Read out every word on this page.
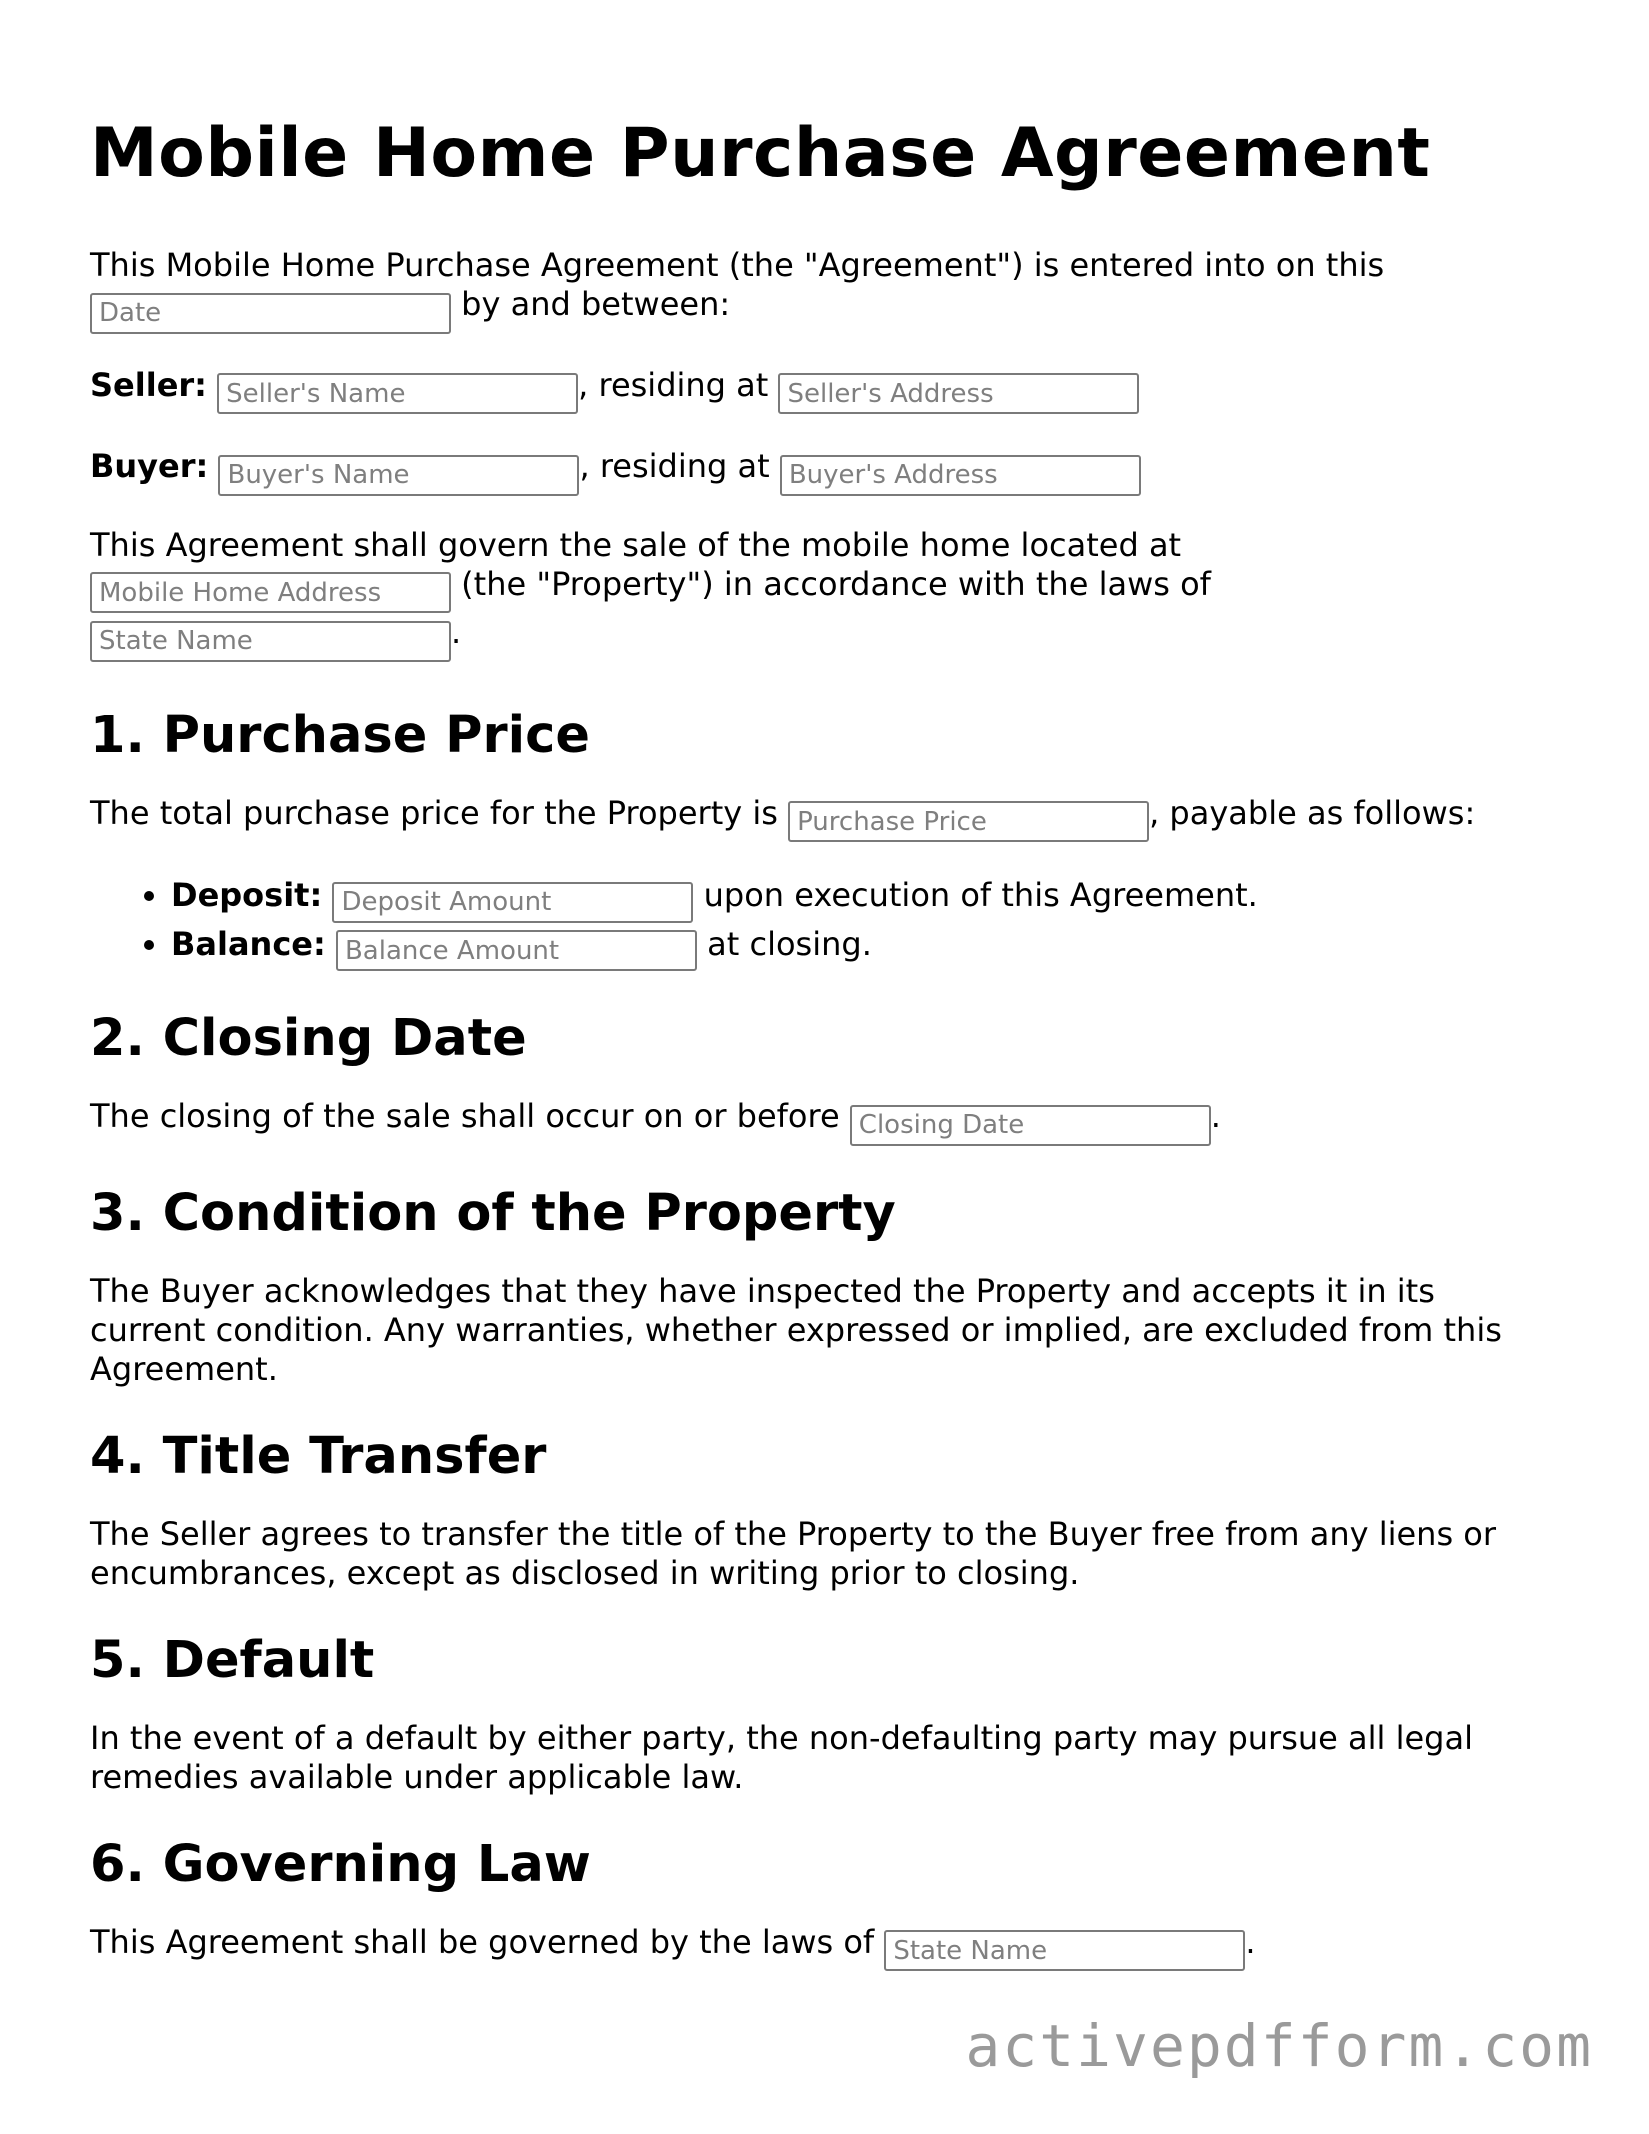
Mobile Home Purchase Agreement

This Mobile Home Purchase Agreement (the "Agreement") is entered into on this Date by and between:

Seller: Seller's Name	, residing at Seller's Address

Buyer: Buyer's Name	, residing at Buyer's Address

This Agreement shall govern the sale of the mobile home located at
Mobile Home Address (the "Property") in accordance with the laws of
State Name.

1. Purchase Price

The total purchase price for the Property is Purchase Price	, payable as follows:

• Deposit: Deposit Amount	upon execution of this Agreement.
• Balance: Balance Amount	at closing.
2. Closing Date

The closing of the sale shall occur on or before Closing Date	.

3. Condition of the Property

The Buyer acknowledges that they have inspected the Property and accepts it in its current condition. Any warranties, whether expressed or implied, are excluded from this Agreement.

4. Title Transfer

The Seller agrees to transfer the title of the Property to the Buyer free from any liens or encumbrances, except as disclosed in writing prior to closing.

5. Default

In the event of a default by either party, the non-defaulting party may pursue all legal remedies available under applicable law.

6. Governing Law

This Agreement shall be governed by the laws of State Name	.

activepdfform.com
